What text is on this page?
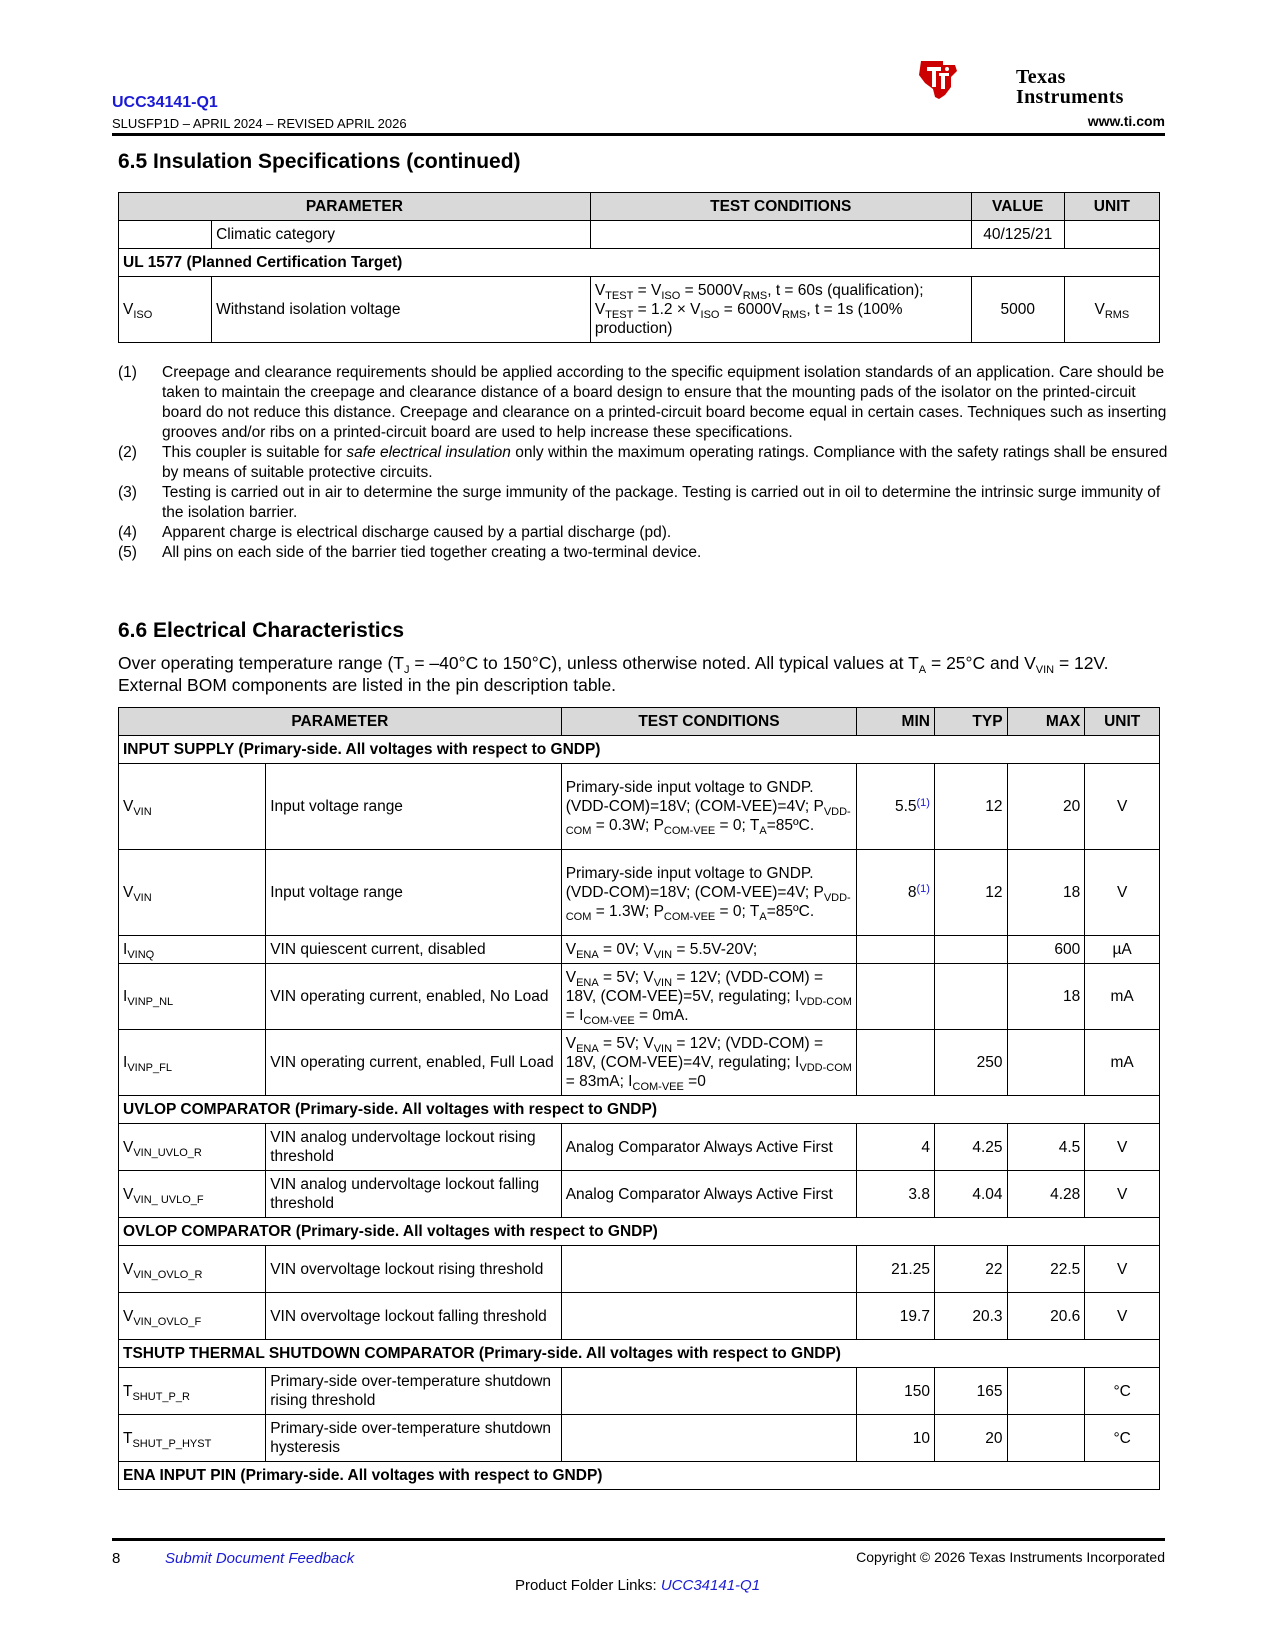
UCC34141-Q1
SLUSFP1D – APRIL 2024 – REVISED APRIL 2026
Texas
Instruments
www.ti.com
6.5 Insulation Specifications (continued)
PARAMETER		TEST CONDITIONS	VALUE	UNIT
	Climatic category		40/125/21	
UL 1577 (Planned Certification Target)				
$V_{ISO}$	Withstand isolation voltage	$V_{TEST} = V_{ISO} = 5000V_{RMS}$, t = 60s (qualification);
$V_{TEST} = 1.2 \times V_{ISO} = 6000V_{RMS}$, t = 1s (100%
production)	5000	$V_{RMS}$
(1)	Creepage and clearance requirements should be applied according to the specific equipment isolation standards of an application. Care should be taken to maintain the creepage and clearance distance of a board design to ensure that the mounting pads of the isolator on the printed-circuit board do not reduce this distance. Creepage and clearance on a printed-circuit board become equal in certain cases. Techniques such as inserting grooves and/or ribs on a printed-circuit board are used to help increase these specifications.
(2)	This coupler is suitable for safe electrical insulation only within the maximum operating ratings. Compliance with the safety ratings shall be ensured by means of suitable protective circuits.
(3)	Testing is carried out in air to determine the surge immunity of the package. Testing is carried out in oil to determine the intrinsic surge immunity of the isolation barrier.
(4)	Apparent charge is electrical discharge caused by a partial discharge (pd).
(5)	All pins on each side of the barrier tied together creating a two-terminal device.
6.6 Electrical Characteristics
Over operating temperature range ($T_J = -40^\circ C$ to 150°C), unless otherwise noted. All typical values at $T_A = 25^\circ C$ and $V_{VIN} = 12V$. External BOM components are listed in the pin description table.
PARAMETER		TEST CONDITIONS	MIN	TYP	MAX	UNIT
INPUT SUPPLY (Primary-side. All voltages with respect to GNDP)						
$V_{VIN}$	Input voltage range	Primary-side input voltage to GNDP. (VDD-COM)=18V; (COM-VEE)=4V; $P_{VDD-COM} = 0.3W$; $P_{COM-VEE} = 0$; $T_A=85ºC$.	5.5$^{(1)}$	12	20	V
$V_{VIN}$	Input voltage range	Primary-side input voltage to GNDP. (VDD-COM)=18V; (COM-VEE)=4V; $P_{VDD-COM} = 1.3W$; $P_{COM-VEE} = 0$; $T_A=85ºC$.	8$^{(1)}$	12	18	V
$I_{VINQ}$	VIN quiescent current, disabled	$V_{ENA} = 0V$; $V_{VIN} = 5.5V-20V$;			600	µA
$I_{VINP\_NL}$	VIN operating current, enabled, No Load	$V_{ENA} = 5V$; $V_{VIN} = 12V$; (VDD-COM) = 18V, (COM-VEE)=5V, regulating; $I_{VDD-COM} = I_{COM-VEE} = 0mA$.			18	mA
$I_{VINP\_FL}$	VIN operating current, enabled, Full Load	$V_{ENA} = 5V$; $V_{VIN} = 12V$; (VDD-COM) = 18V, (COM-VEE)=4V, regulating; $I_{VDD-COM} = 83mA$; $I_{COM-VEE} =0$		250		mA
UVLOP COMPARATOR (Primary-side. All voltages with respect to GNDP)						
$V_{VIN\_UVLO\_R}$	VIN analog undervoltage lockout rising threshold	Analog Comparator Always Active First	4	4.25	4.5	V
$V_{VIN\_ UVLO\_F}$	VIN analog undervoltage lockout falling threshold	Analog Comparator Always Active First	3.8	4.04	4.28	V
OVLOP COMPARATOR (Primary-side. All voltages with respect to GNDP)						
$V_{VIN\_OVLO\_R}$	VIN overvoltage lockout rising threshold		21.25	22	22.5	V
$V_{VIN\_OVLO\_F}$	VIN overvoltage lockout falling threshold		19.7	20.3	20.6	V
TSHUTP THERMAL SHUTDOWN COMPARATOR (Primary-side. All voltages with respect to GNDP)						
$T_{SHUT\_P\_R}$	Primary-side over-temperature shutdown rising threshold		150	165		°C
$T_{SHUT\_P\_HYST}$	Primary-side over-temperature shutdown hysteresis		10	20		°C
ENA INPUT PIN (Primary-side. All voltages with respect to GNDP)						
8	Submit Document Feedback	Copyright © 2026 Texas Instruments Incorporated
Product Folder Links: UCC34141-Q1
